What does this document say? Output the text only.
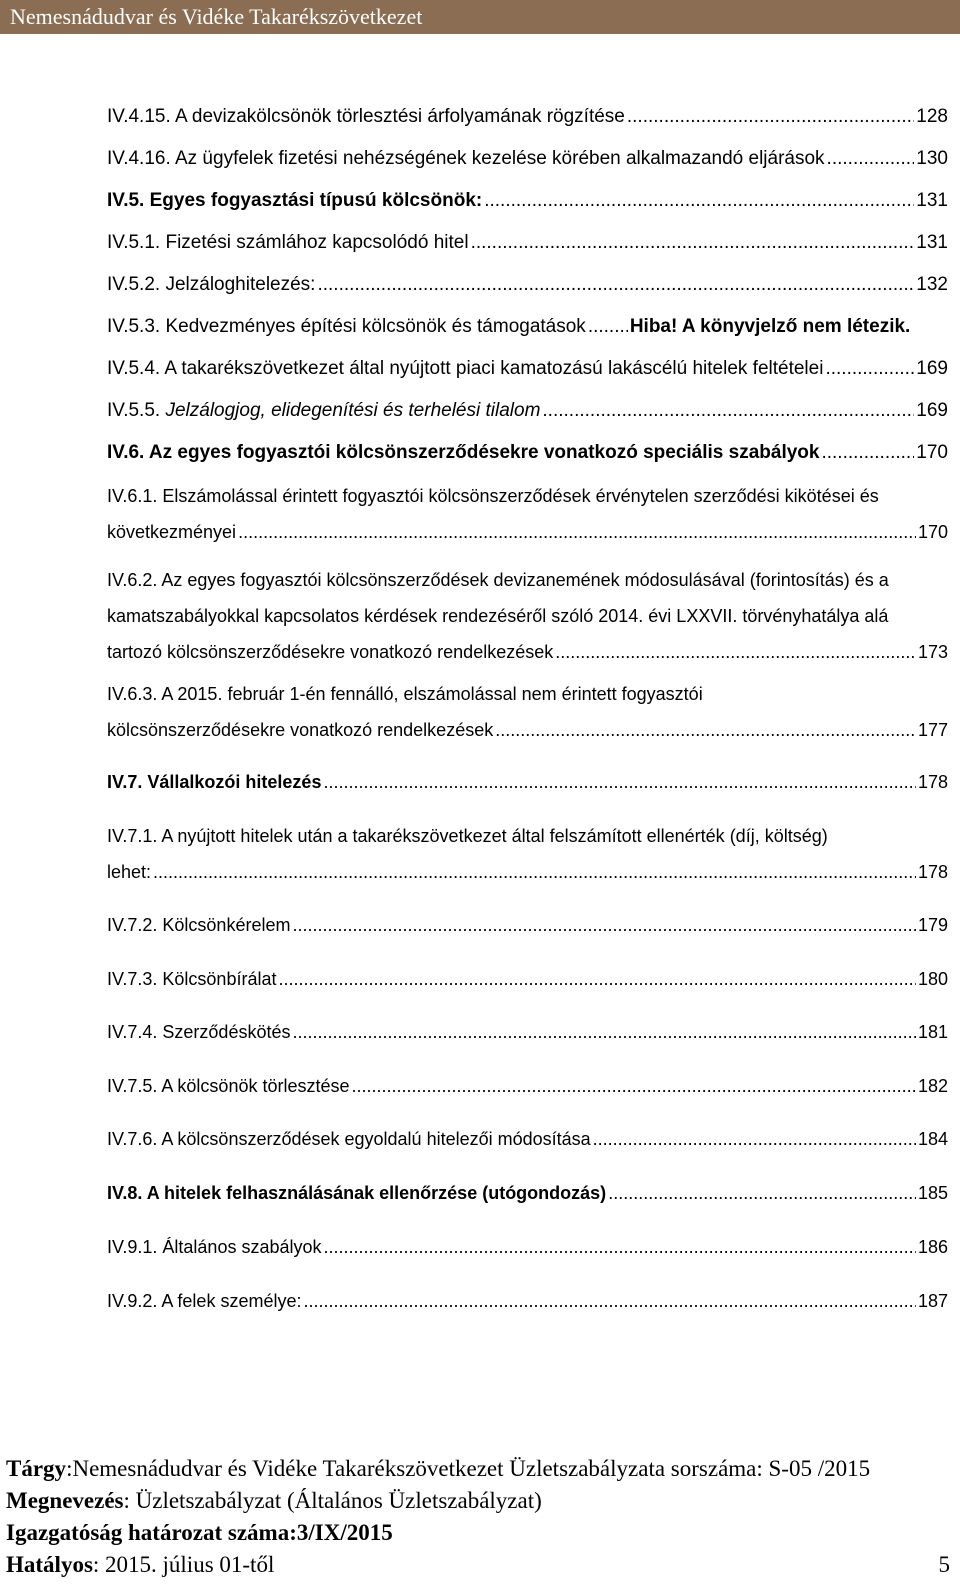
Nemesnádudvar és Vidéke Takarékszövetkezet
IV.4.15. A devizakölcsönök törlesztési árfolyamának rögzítése .....	128
IV.4.16. Az ügyfelek fizetési nehézségének kezelése körében alkalmazandó eljárások .....	130
IV.5. Egyes fogyasztási típusú kölcsönök: .....	131
IV.5.1. Fizetési számlához kapcsolódó hitel .....	131
IV.5.2. Jelzáloghitelezés: .....	132
IV.5.3. Kedvezményes építési kölcsönök és támogatások ..... Hiba! A könyvjelző nem létezik.
IV.5.4. A takarékszövetkezet által nyújtott piaci kamatozású lakáscélú hitelek feltételei .....	169
IV.5.5. Jelzálogjog, elidegenítési és terhelési tilalom .....	169
IV.6. Az egyes fogyasztói kölcsönszerződésekre vonatkozó speciális szabályok .....	170
IV.6.1. Elszámolással érintett fogyasztói kölcsönszerződések érvénytelen szerződési kikötései és
következményei .....	170
IV.6.2. Az egyes fogyasztói kölcsönszerződések devizanemének módosulásával (forintosítás) és a
kamatszabályokkal kapcsolatos kérdések rendezéséről szóló 2014. évi LXXVII. törvényhatálya alá
tartozó kölcsönszerződésekre vonatkozó rendelkezések .....	173
IV.6.3. A 2015. február 1-én fennálló, elszámolással nem érintett fogyasztói
kölcsönszerződésekre vonatkozó rendelkezések .....	177
IV.7. Vállalkozói hitelezés .....	178
IV.7.1. A nyújtott hitelek után a takarékszövetkezet által felszámított ellenérték (díj, költség)
lehet: .....	178
IV.7.2. Kölcsönkérelem .....	179
IV.7.3. Kölcsönbírálat .....	180
IV.7.4. Szerződéskötés .....	181
IV.7.5. A kölcsönök törlesztése .....	182
IV.7.6. A kölcsönszerződések egyoldalú hitelezői módosítása .....	184
IV.8. A hitelek felhasználásának ellenőrzése (utógondozás) .....	185
IV.9.1. Általános szabályok .....	186
IV.9.2. A felek személye: .....	187
Tárgy :Nemesnádudvar és Vidéke Takarékszövetkezet Üzletszabályzata sorszáma: S-05 /2015
Megnevezés : Üzletszabályzat (Általános Üzletszabályzat)
Igazgatóság határozat száma :3/IX/2015
Hatályos : 2015. július 01-től	5
